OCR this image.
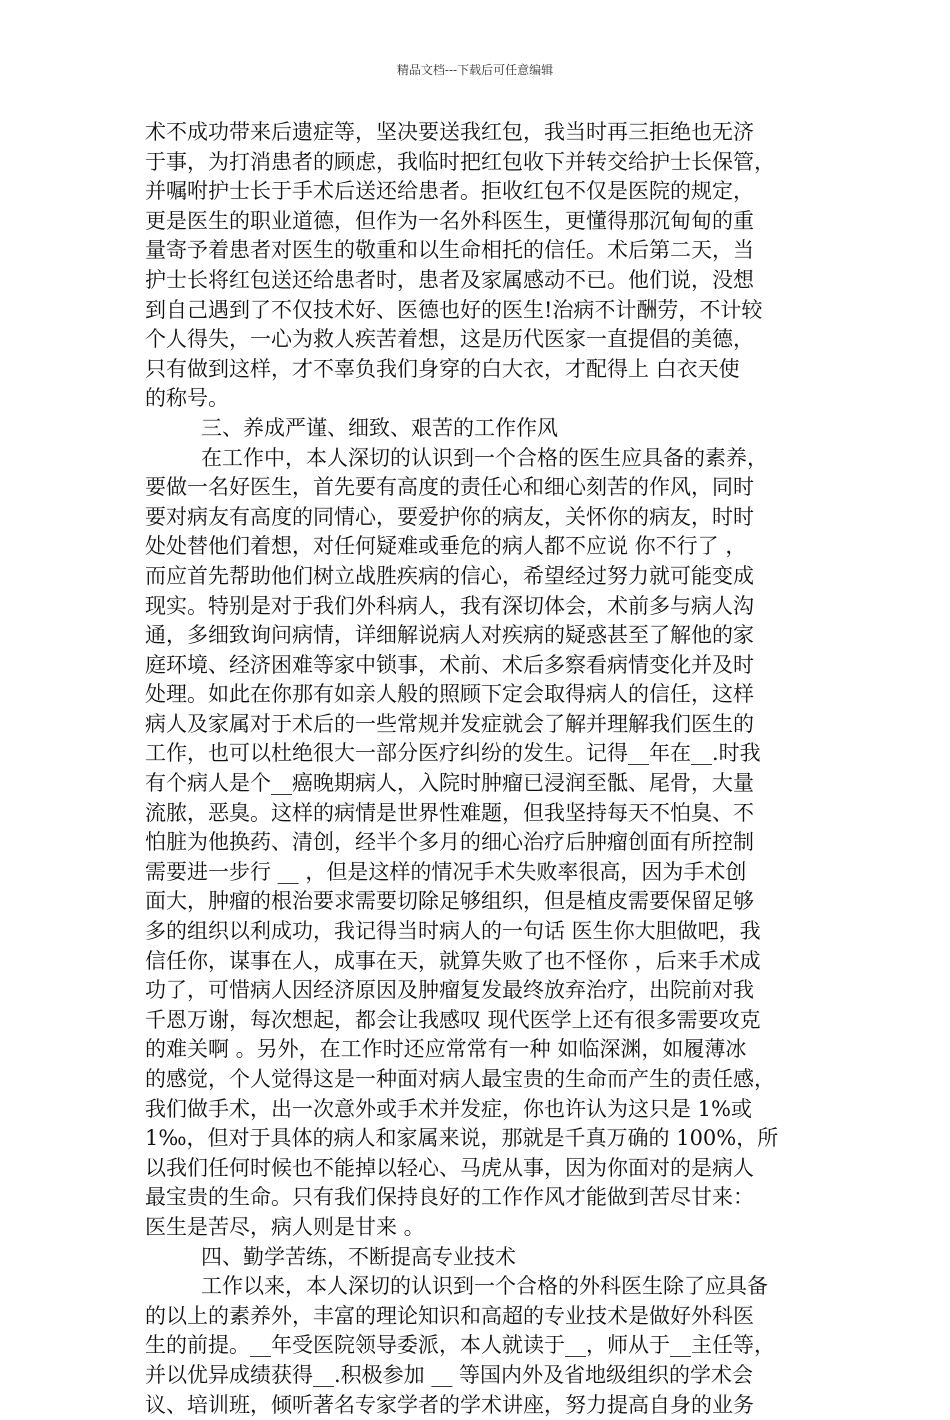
精品文档---下载后可任意编辑
术不成功带来后遗症等，坚决要送我红包，我当时再三拒绝也无济
于事，为打消患者的顾虑，我临时把红包收下并转交给护士长保管，
并嘱咐护士长于手术后送还给患者。拒收红包不仅是医院的规定，
更是医生的职业道德，但作为一名外科医生，更懂得那沉甸甸的重
量寄予着患者对医生的敬重和以生命相托的信任。术后第二天，当
护士长将红包送还给患者时，患者及家属感动不已。他们说，没想
到自己遇到了不仅技术好、医德也好的医生!治病不计酬劳，不计较
个人得失，一心为救人疾苦着想，这是历代医家一直提倡的美德，
只有做到这样，才不辜负我们身穿的白大衣，才配得上 白衣天使
的称号。
三、养成严谨、细致、艰苦的工作作风
在工作中，本人深切的认识到一个合格的医生应具备的素养，
要做一名好医生，首先要有高度的责任心和细心刻苦的作风，同时
要对病友有高度的同情心，要爱护你的病友，关怀你的病友，时时
处处替他们着想，对任何疑难或垂危的病人都不应说 你不行了 ，
而应首先帮助他们树立战胜疾病的信心，希望经过努力就可能变成
现实。特别是对于我们外科病人，我有深切体会，术前多与病人沟
通，多细致询问病情，详细解说病人对疾病的疑惑甚至了解他的家
庭环境、经济困难等家中锁事，术前、术后多察看病情变化并及时
处理。如此在你那有如亲人般的照顾下定会取得病人的信任，这样
病人及家属对于术后的一些常规并发症就会了解并理解我们医生的
工作，也可以杜绝很大一部分医疗纠纷的发生。记得__年在__.时我
有个病人是个__癌晚期病人，入院时肿瘤已浸润至骶、尾骨，大量
流脓，恶臭。这样的病情是世界性难题，但我坚持每天不怕臭、不
怕脏为他换药、清创，经半个多月的细心治疗后肿瘤创面有所控制
需要进一步行 __ ，但是这样的情况手术失败率很高，因为手术创
面大，肿瘤的根治要求需要切除足够组织，但是植皮需要保留足够
多的组织以利成功，我记得当时病人的一句话 医生你大胆做吧，我
信任你，谋事在人，成事在天，就算失败了也不怪你 ，后来手术成
功了，可惜病人因经济原因及肿瘤复发最终放弃治疗，出院前对我
千恩万谢，每次想起，都会让我感叹 现代医学上还有很多需要攻克
的难关啊 。另外，在工作时还应常常有一种 如临深渊，如履薄冰
的感觉，个人觉得这是一种面对病人最宝贵的生命而产生的责任感，
我们做手术，出一次意外或手术并发症，你也许认为这只是 1%或
1‰，但对于具体的病人和家属来说，那就是千真万确的 100%，所
以我们任何时候也不能掉以轻心、马虎从事，因为你面对的是病人
最宝贵的生命。只有我们保持良好的工作作风才能做到苦尽甘来：
医生是苦尽，病人则是甘来 。
四、勤学苦练，不断提高专业技术
工作以来，本人深切的认识到一个合格的外科医生除了应具备
的以上的素养外，丰富的理论知识和高超的专业技术是做好外科医
生的前提。__年受医院领导委派，本人就读于__，师从于__主任等，
并以优异成绩获得__.积极参加 __ 等国内外及省地级组织的学术会
议、培训班，倾听著名专家学者的学术讲座，努力提高自身的业务
